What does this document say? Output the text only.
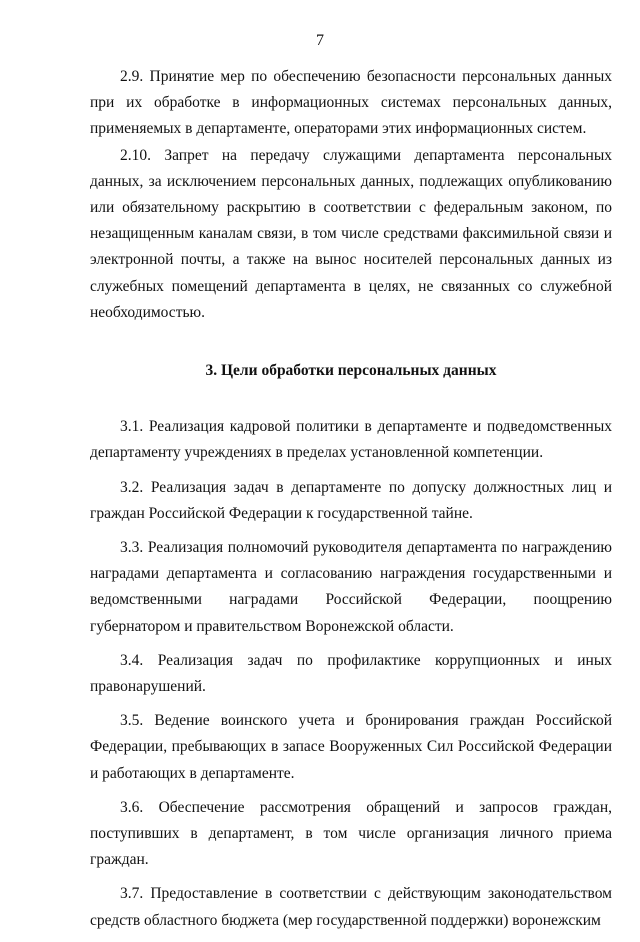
7

2.9. Принятие мер по обеспечению безопасности персональных данных при их обработке в информационных системах персональных данных, применяемых в департаменте, операторами этих информационных систем.

2.10. Запрет на передачу служащими департамента персональных данных, за исключением персональных данных, подлежащих опубликованию или обязательному раскрытию в соответствии с федеральным законом, по незащищенным каналам связи, в том числе средствами факсимильной связи и электронной почты, а также на вынос носителей персональных данных из служебных помещений департамента в целях, не связанных со служебной необходимостью.

3. Цели обработки персональных данных

3.1. Реализация кадровой политики в департаменте и подведомственных департаменту учреждениях в пределах установленной компетенции.

3.2. Реализация задач в департаменте по допуску должностных лиц и граждан Российской Федерации к государственной тайне.

3.3. Реализация полномочий руководителя департамента по награждению наградами департамента и согласованию награждения государственными и ведомственными наградами Российской Федерации, поощрению губернатором и правительством Воронежской области.

3.4. Реализация задач по профилактике коррупционных и иных правонарушений.

3.5. Ведение воинского учета и бронирования граждан Российской Федерации, пребывающих в запасе Вооруженных Сил Российской Федерации и работающих в департаменте.

3.6. Обеспечение рассмотрения обращений и запросов граждан, поступивших в департамент, в том числе организация личного приема граждан.

3.7. Предоставление в соответствии с действующим законодательством средств областного бюджета (мер государственной поддержки) воронежским
